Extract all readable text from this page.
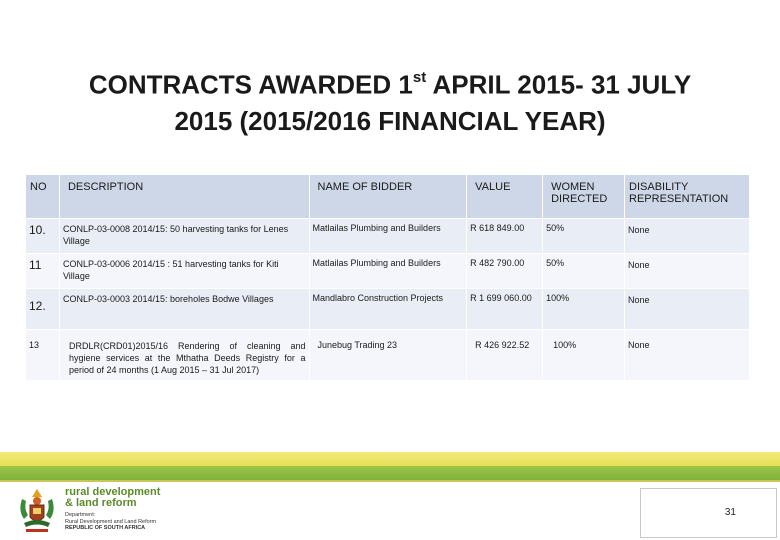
CONTRACTS AWARDED 1st APRIL 2015- 31 JULY
2015 (2015/2016 FINANCIAL YEAR)
NO	DESCRIPTION	NAME OF BIDDER	VALUE	WOMEN DIRECTED	DISABILITY REPRESENTATION
10.	CONLP-03-0008 2014/15: 50 harvesting tanks for Lenes Village	Matlailas Plumbing and Builders	R 618 849.00	50%	None
11	CONLP-03-0006 2014/15 : 51 harvesting tanks for Kiti Village	Matlailas Plumbing and Builders	R 482 790.00	50%	None
12.	CONLP-03-0003 2014/15: boreholes Bodwe Villages	Mandlabro Construction Projects	R 1 699 060.00	100%	None
13	DRDLR(CRD01)2015/16 Rendering of cleaning and hygiene services at the Mthatha Deeds Registry for a period of 24 months (1 Aug 2015 – 31 Jul 2017)	Junebug Trading 23	R 426 922.52	100%	None
rural development
& land reform
Department:
Rural Development and Land Reform
REPUBLIC OF SOUTH AFRICA
31
